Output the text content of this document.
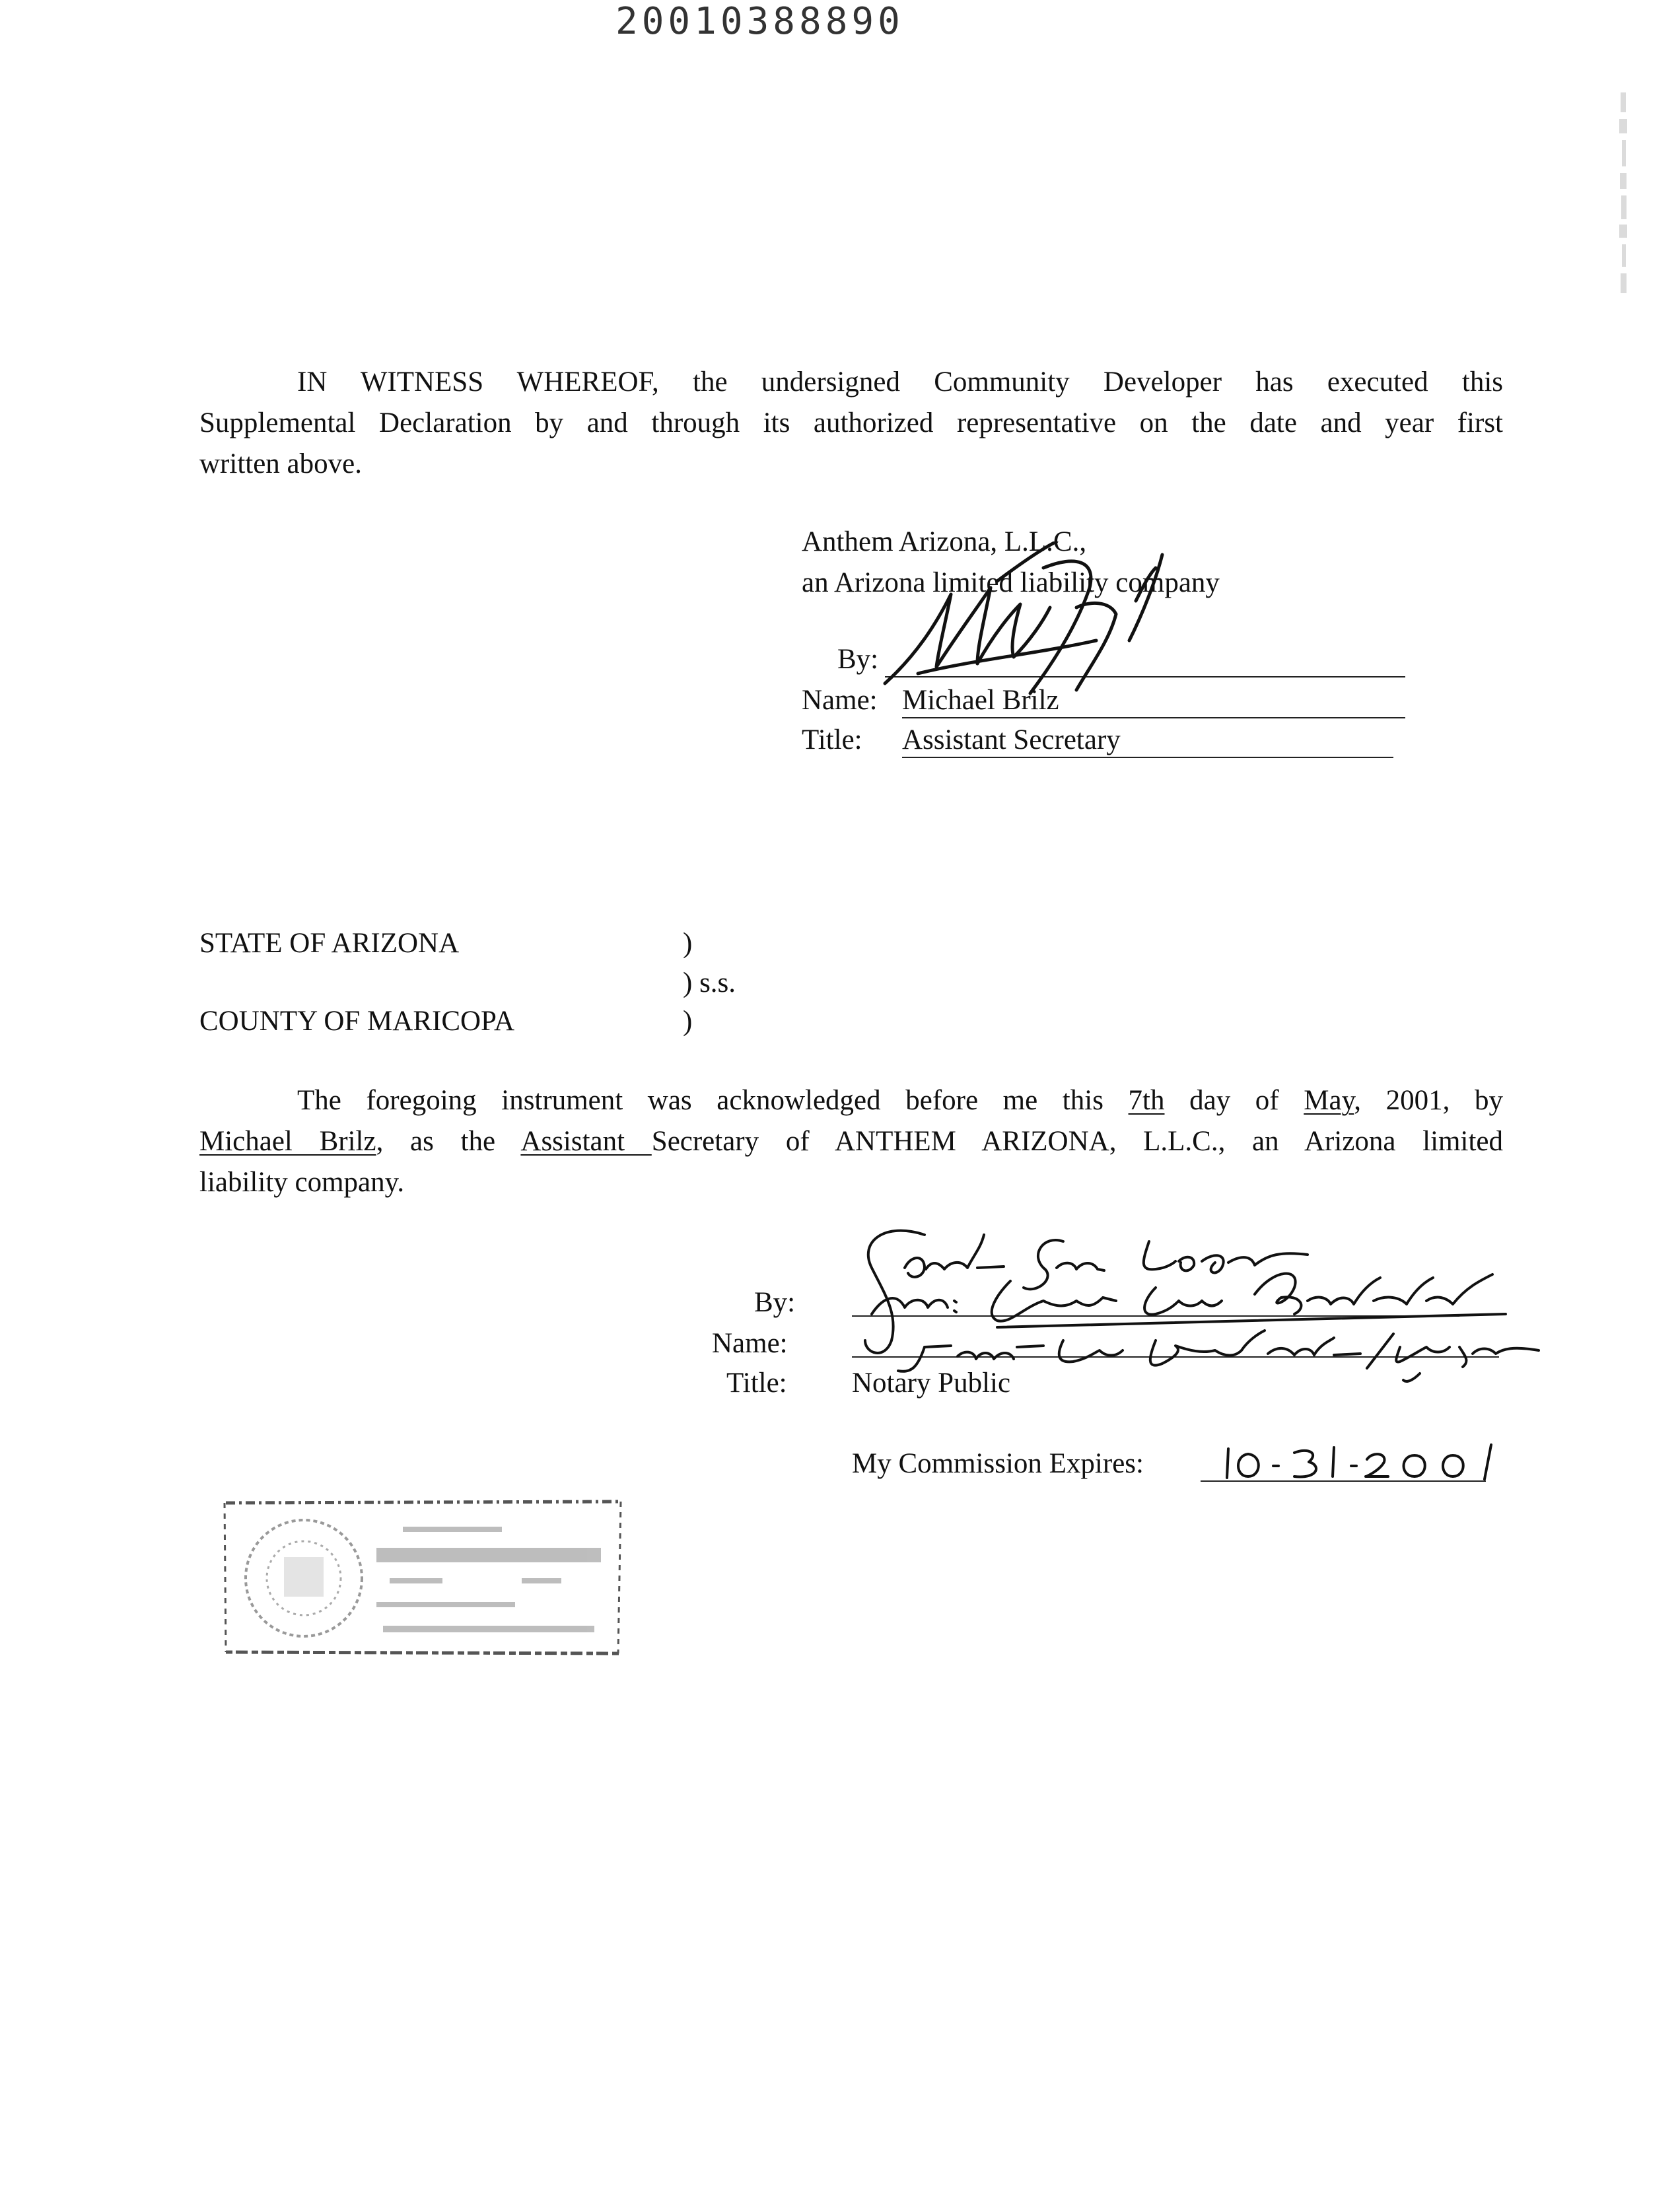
20010388890
IN WITNESS WHEREOF, the undersigned Community Developer has executed this
Supplemental Declaration by and through its authorized representative on the date and year first
written above.
Anthem Arizona, L.L.C.,
an Arizona limited liability company
By:
Name: Michael Brilz
Title: Assistant Secretary
STATE OF ARIZONA	)
) s.s.
COUNTY OF MARICOPA	)
The foregoing instrument was acknowledged before me this 7th day of May, 2001, by
Michael Brilz, as the Assistant Secretary of ANTHEM ARIZONA, L.L.C., an Arizona limited
liability company.
By:
Name:
Title: Notary Public
My Commission Expires:
